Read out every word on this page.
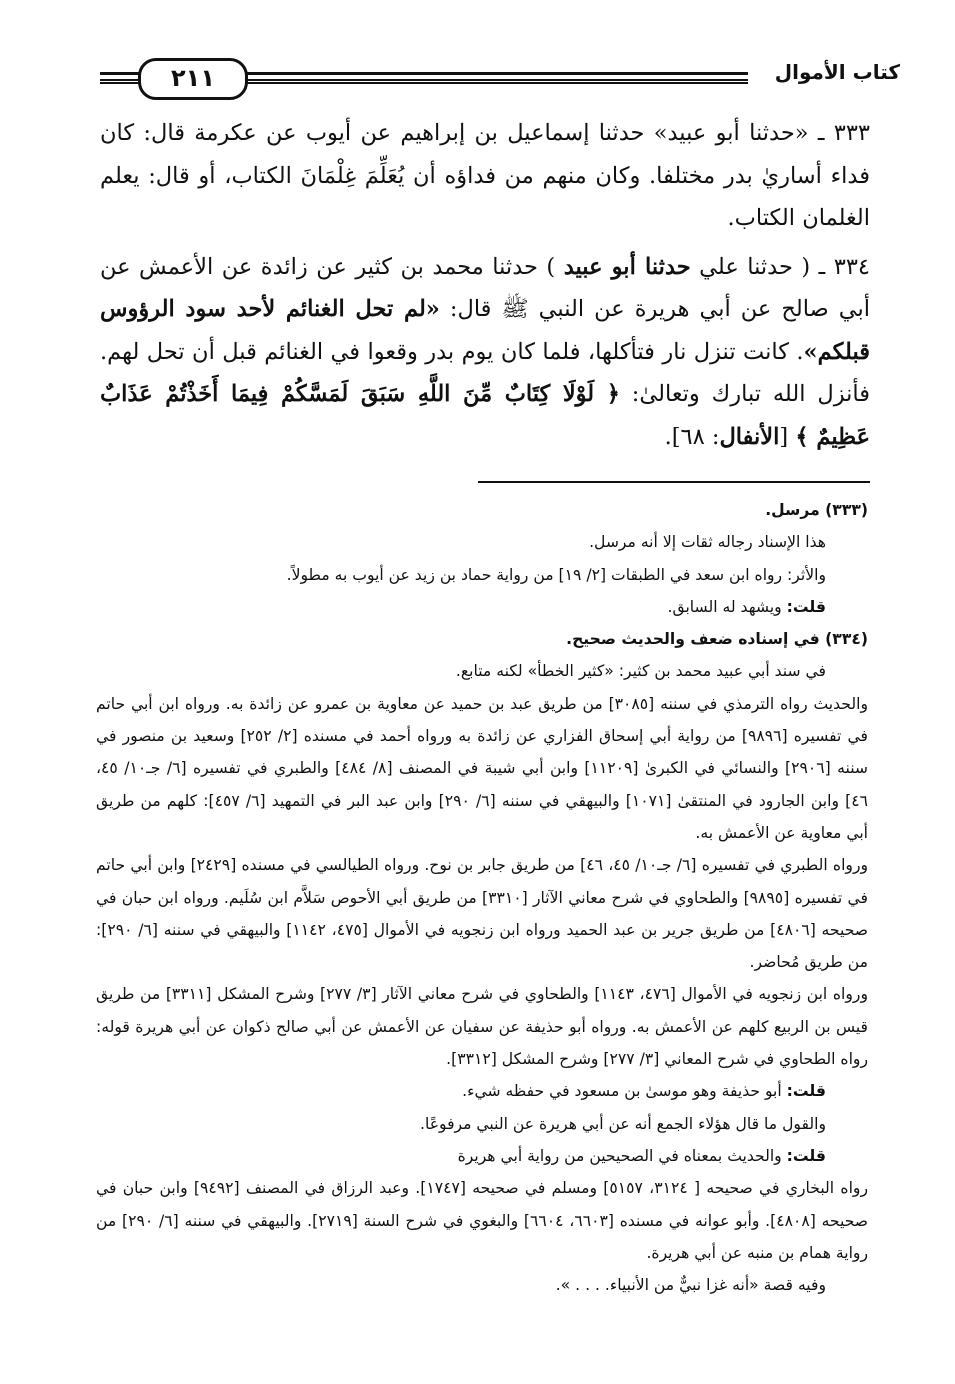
٢١١	كتاب الأموال

٣٣٣ ـ «حدثنا أبو عبيد» حدثنا إسماعيل بن إبراهيم عن أيوب عن عكرمة قال: كان فداء أساريٰ بدر مختلفا. وكان منهم من فداؤه أن يُعَلِّمَ غِلْمَانَ الكتاب، أو قال: يعلم الغلمان الكتاب.

٣٣٤ ـ ( حدثنا علي حدثنا أبو عبيد ) حدثنا محمد بن كثير عن زائدة عن الأعمش عن أبي صالح عن أبي هريرة عن النبي ﷺ قال: «لم تحل الغنائم لأحد سود الرؤوس قبلكم». كانت تنزل نار فتأكلها، فلما كان يوم بدر وقعوا في الغنائم قبل أن تحل لهم. فأنزل الله تبارك وتعالىٰ: ﴿ لَوْلَا كِتَابٌ مِّنَ اللَّهِ سَبَقَ لَمَسَّكُمْ فِيمَا أَخَذْتُمْ عَذَابٌ عَظِيمٌ ﴾ [الأنفال: ٦٨].

(٣٣٣) مرسل.

هذا الإسناد رجاله ثقات إلا أنه مرسل.

والأثر: رواه ابن سعد في الطبقات [٢/ ١٩] من رواية حماد بن زيد عن أيوب به مطولاً.

قلت: ويشهد له السابق.

(٣٣٤) في إسناده ضعف والحديث صحيح.

في سند أبي عبيد محمد بن كثير: «كثير الخطأ» لكنه متابع.

والحديث رواه الترمذي في سننه [٣٠٨٥] من طريق عبد بن حميد عن معاوية بن عمرو عن زائدة به. ورواه ابن أبي حاتم في تفسيره [٩٨٩٦] من رواية أبي إسحاق الفزاري عن زائدة به ورواه أحمد في مسنده [٢/ ٢٥٢] وسعيد بن منصور في سننه [٢٩٠٦] والنسائي في الكبرىٰ [١١٢٠٩] وابن أبي شيبة في المصنف [٨/ ٤٨٤] والطبري في تفسيره [٦/ جـ١٠/ ٤٥، ٤٦] وابن الجارود في المنتقىٰ [١٠٧١] والبيهقي في سننه [٦/ ٢٩٠] وابن عبد البر في التمهيد [٦/ ٤٥٧]: كلهم من طريق أبي معاوية عن الأعمش به.

ورواه الطبري في تفسيره [٦/ جـ١٠/ ٤٥، ٤٦] من طريق جابر بن نوح. ورواه الطيالسي في مسنده [٢٤٢٩] وابن أبي حاتم في تفسيره [٩٨٩٥] والطحاوي في شرح معاني الآثار [٣٣١٠] من طريق أبي الأحوص سَلاَّم ابن سُلَيم. ورواه ابن حبان في صحيحه [٤٨٠٦] من طريق جرير بن عبد الحميد ورواه ابن زنجويه في الأموال [٤٧٥، ١١٤٢] والبيهقي في سننه [٦/ ٢٩٠]: من طريق مُحاضر.

ورواه ابن زنجويه في الأموال [٤٧٦، ١١٤٣] والطحاوي في شرح معاني الآثار [٣/ ٢٧٧] وشرح المشكل [٣٣١١] من طريق قيس بن الربيع كلهم عن الأعمش به. ورواه أبو حذيفة عن سفيان عن الأعمش عن أبي صالح ذكوان عن أبي هريرة قوله: رواه الطحاوي في شرح المعاني [٣/ ٢٧٧] وشرح المشكل [٣٣١٢].

قلت: أبو حذيفة وهو موسىٰ بن مسعود في حفظه شيء.

والقول ما قال هؤلاء الجمع أنه عن أبي هريرة عن النبي مرفوعًا.

قلت: والحديث بمعناه في الصحيحين من رواية أبي هريرة

رواه البخاري في صحيحه [ ٣١٢٤، ٥١٥٧] ومسلم في صحيحه [١٧٤٧]. وعبد الرزاق في المصنف [٩٤٩٢] وابن حبان في صحيحه [٤٨٠٨]. وأبو عوانه في مسنده [٦٦٠٣، ٦٦٠٤] والبغوي في شرح السنة [٢٧١٩]. والبيهقي في سننه [٦/ ٢٩٠] من رواية همام بن منبه عن أبي هريرة.

وفيه قصة «أنه غزا نبيٌّ من الأنبياء. . . . ».
